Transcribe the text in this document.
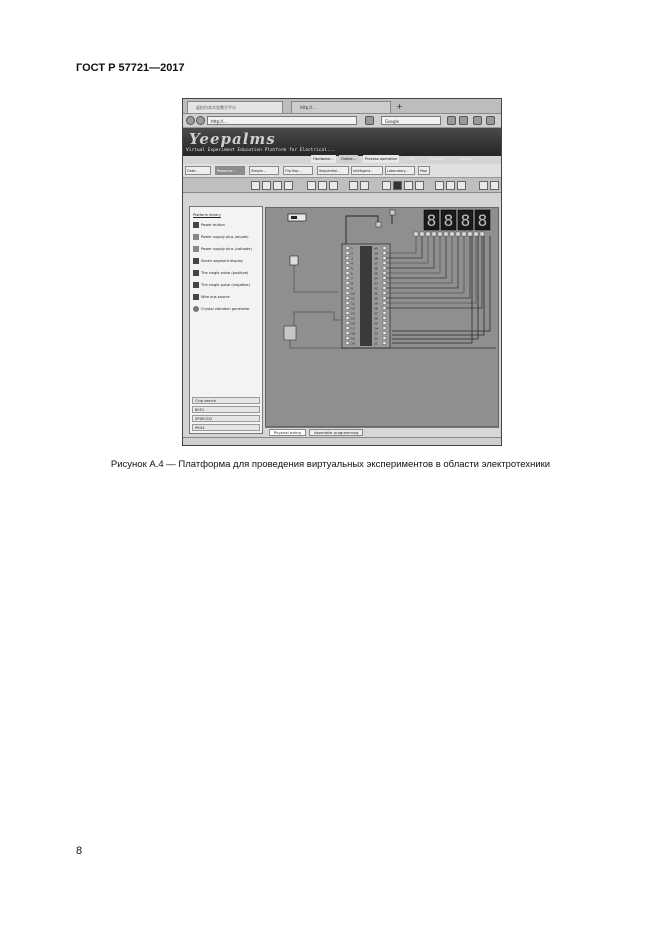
ГОСТ Р 57721—2017
虚拟仿真实验教学平台	http://...	+
http://...	Google
Yeepalms
Virtual Experiment Education Platform for Electrical...
Hardware...	Online...	Process operation	Help	Contacts	Log out
Gate...	Resource...	Simple...	Flip flop...	Sequential...	Intelligent...	Laboratory...	Map
Platform library
Power button
Power supply plus (anode)
Power supply plus (cathode)
Seven segment display
The single pulse (positive)
The single pulse (negative)
Wire bus source
Crystal vibration generator
Chip search
8051
SPDIF/CD
PKG4
1
2
3
4
5
6
7
8
9
10
11
12
13
14
15
16
17
18
19
20
40
39
38
37
36
35
34
33
32
31
30
29
28
27
26
25
24
23
22
21
8 8 8 8
Physical wiring	Assembler programming
Рисунок А.4 — Платформа для проведения виртуальных экспериментов в области электротехники
8
